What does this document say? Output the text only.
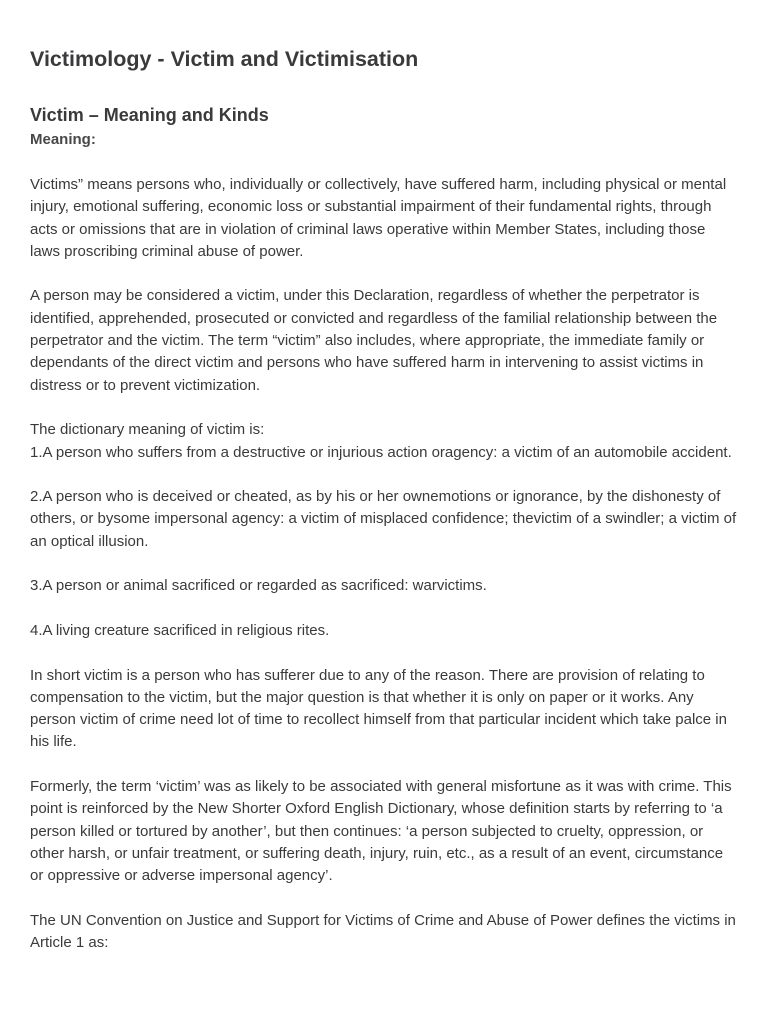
Victimology - Victim and Victimisation
Victim – Meaning and Kinds
Meaning:

Victims” means persons who, individually or collectively, have suffered harm, including physical or mental injury, emotional suffering, economic loss or substantial impairment of their fundamental rights, through acts or omissions that are in violation of criminal laws operative within Member States, including those laws proscribing criminal abuse of power.

A person may be considered a victim, under this Declaration, regardless of whether the perpetrator is identified, apprehended, prosecuted or convicted and regardless of the familial relationship between the perpetrator and the victim. The term “victim” also includes, where appropriate, the immediate family or dependants of the direct victim and persons who have suffered harm in intervening to assist victims in distress or to prevent victimization.

The dictionary meaning of victim is:

1.A person who suffers from a destructive or injurious action oragency: a victim of an automobile accident.

2.A person who is deceived or cheated, as by his or her ownemotions or ignorance, by the dishonesty of others, or bysome impersonal agency: a victim of misplaced confidence; thevictim of a swindler; a victim of an optical illusion.

3.A person or animal sacrificed or regarded as sacrificed: warvictims.

4.A living creature sacrificed in religious rites.

In short victim is a person who has sufferer due to any of the reason. There are provision of relating to compensation to the victim, but the major question is that whether it is only on paper or it works. Any person victim of crime need lot of time to recollect himself from that particular incident which take palce in his life.

Formerly, the term ‘victim’ was as likely to be associated with general misfortune as it was with crime. This point is reinforced by the New Shorter Oxford English Dictionary, whose definition starts by referring to ‘a person killed or tortured by another’, but then continues: ‘a person subjected to cruelty, oppression, or other harsh, or unfair treatment, or suffering death, injury, ruin, etc., as a result of an event, circumstance or oppressive or adverse impersonal agency’.

The UN Convention on Justice and Support for Victims of Crime and Abuse of Power defines the victims in Article 1 as:
